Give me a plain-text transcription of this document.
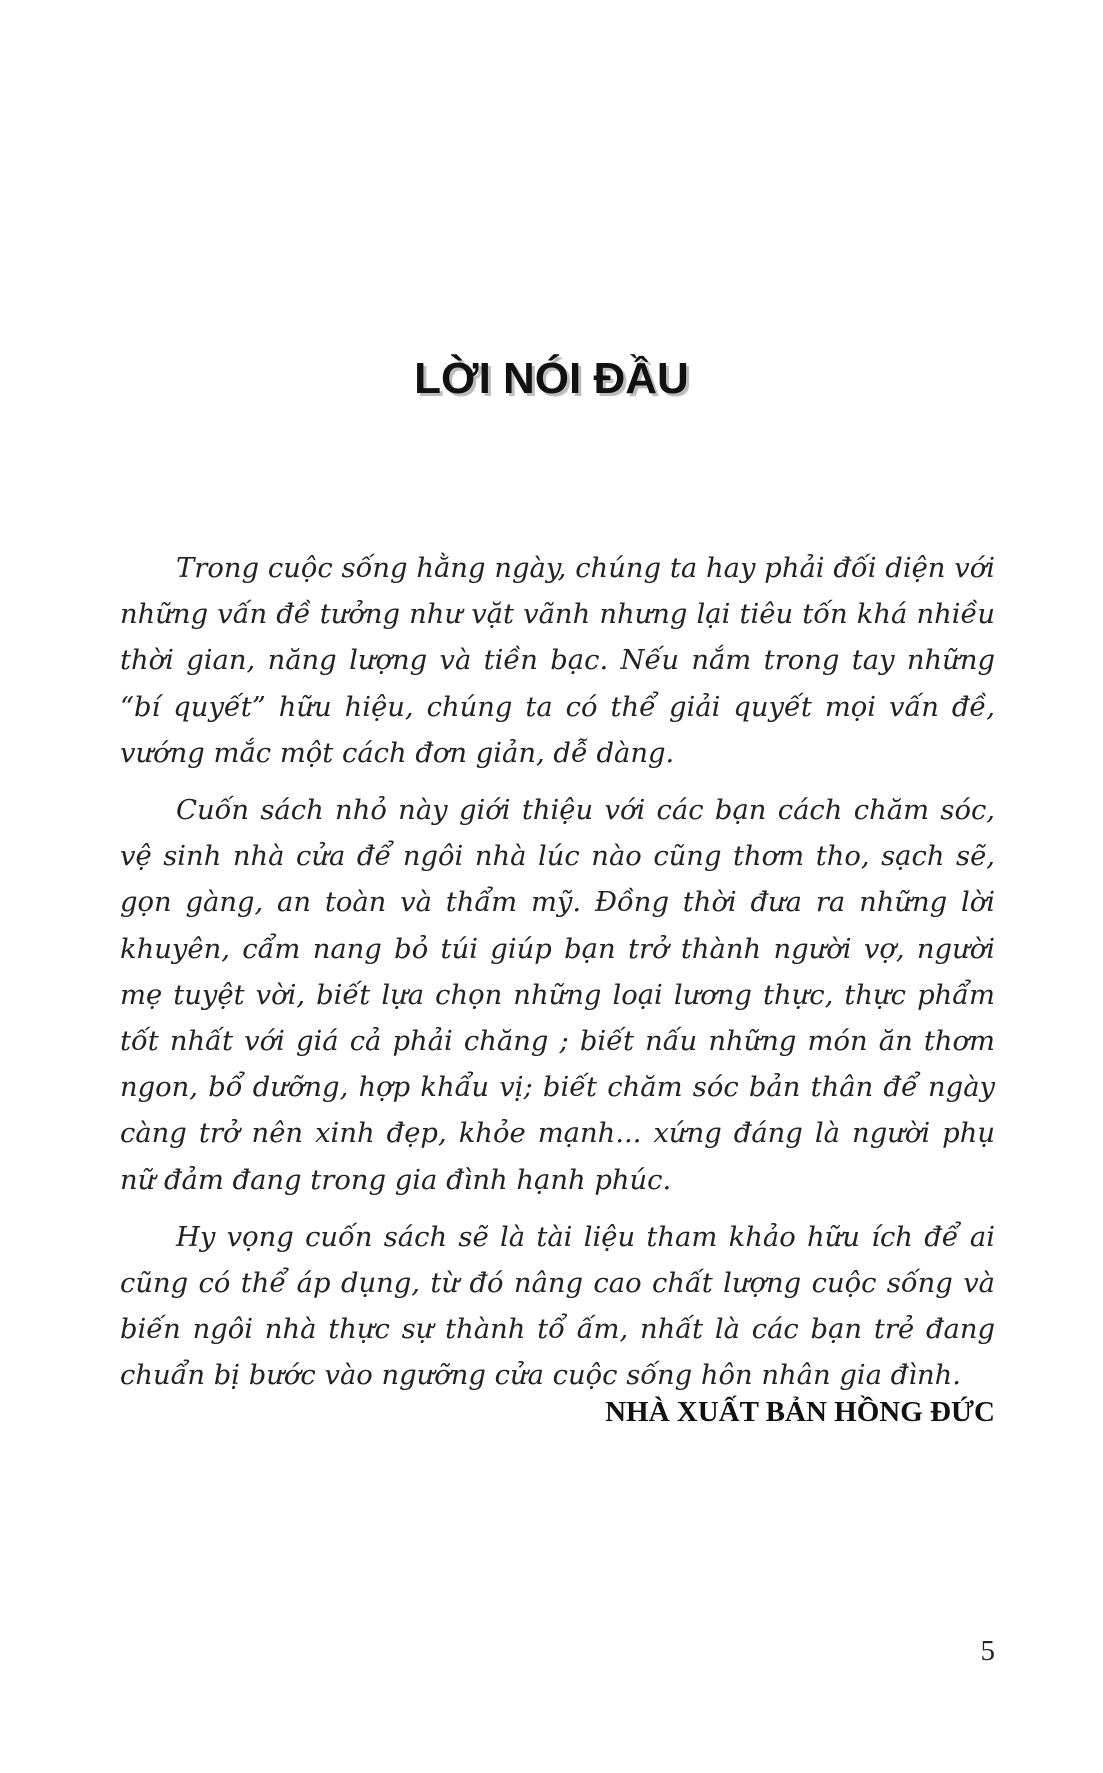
LỜI NÓI ĐẦU

Trong cuộc sống hằng ngày, chúng ta hay phải đối diện với những vấn đề tưởng như vặt vãnh nhưng lại tiêu tốn khá nhiều thời gian, năng lượng và tiền bạc. Nếu nắm trong tay những “bí quyết” hữu hiệu, chúng ta có thể giải quyết mọi vấn đề, vướng mắc một cách đơn giản, dễ dàng.

Cuốn sách nhỏ này giới thiệu với các bạn cách chăm sóc, vệ sinh nhà cửa để ngôi nhà lúc nào cũng thơm tho, sạch sẽ, gọn gàng, an toàn và thẩm mỹ. Đồng thời đưa ra những lời khuyên, cẩm nang bỏ túi giúp bạn trở thành người vợ, người mẹ tuyệt vời, biết lựa chọn những loại lương thực, thực phẩm tốt nhất với giá cả phải chăng ; biết nấu những món ăn thơm ngon, bổ dưỡng, hợp khẩu vị; biết chăm sóc bản thân để ngày càng trở nên xinh đẹp, khỏe mạnh... xứng đáng là người phụ nữ đảm đang trong gia đình hạnh phúc.

Hy vọng cuốn sách sẽ là tài liệu tham khảo hữu ích để ai cũng có thể áp dụng, từ đó nâng cao chất lượng cuộc sống và biến ngôi nhà thực sự thành tổ ấm, nhất là các bạn trẻ đang chuẩn bị bước vào ngưỡng cửa cuộc sống hôn nhân gia đình.

NHÀ XUẤT BẢN HỒNG ĐỨC
5
